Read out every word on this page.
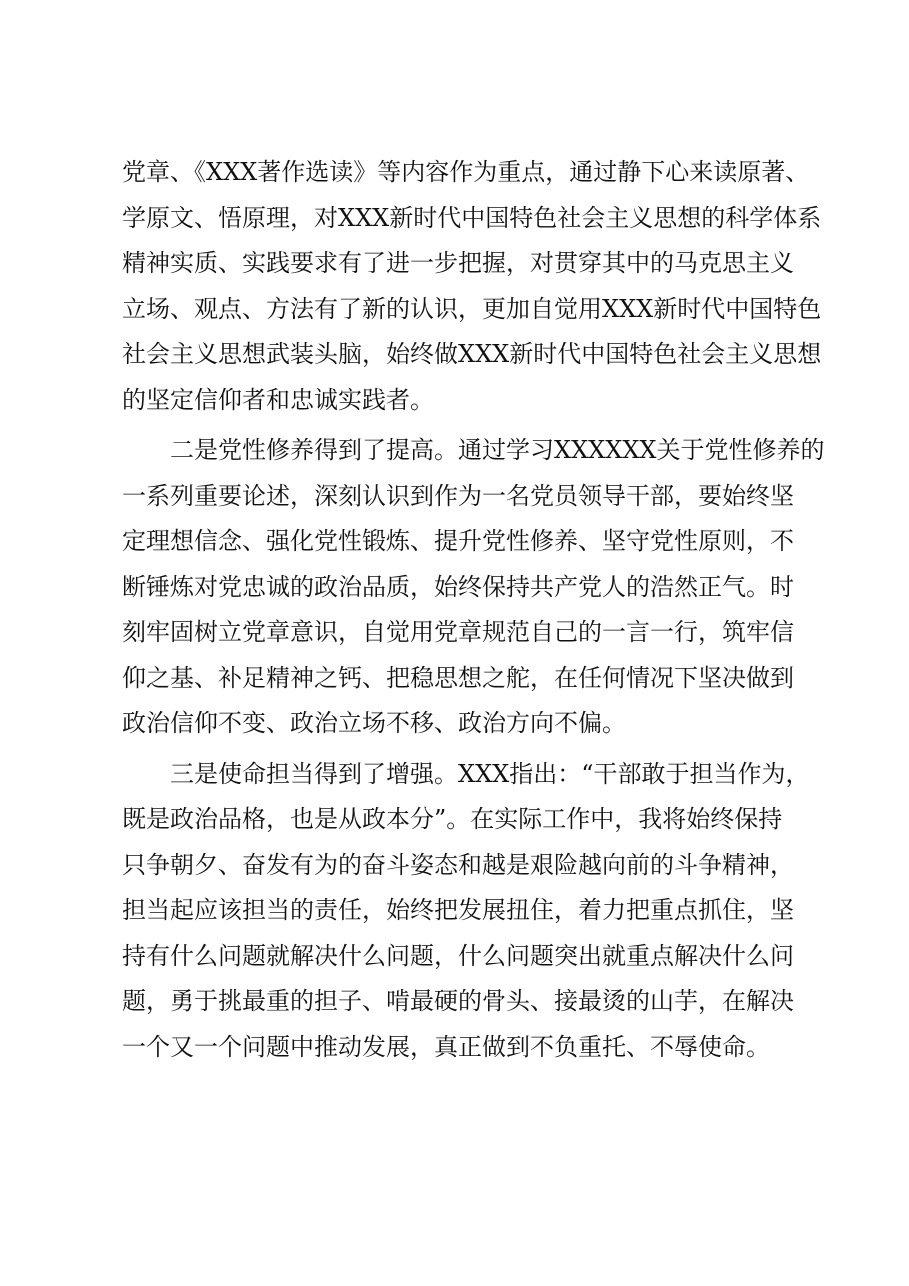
党章、《XXX著作选读》等内容作为重点，通过静下心来读原著、
学原文、悟原理，对XXX新时代中国特色社会主义思想的科学体系
精神实质、实践要求有了进一步把握，对贯穿其中的马克思主义
立场、观点、方法有了新的认识，更加自觉用XXX新时代中国特色
社会主义思想武装头脑，始终做XXX新时代中国特色社会主义思想
的坚定信仰者和忠诚实践者。
二是党性修养得到了提高。通过学习XXXXXX关于党性修养的
一系列重要论述，深刻认识到作为一名党员领导干部，要始终坚
定理想信念、强化党性锻炼、提升党性修养、坚守党性原则，不
断锤炼对党忠诚的政治品质，始终保持共产党人的浩然正气。时
刻牢固树立党章意识，自觉用党章规范自己的一言一行，筑牢信
仰之基、补足精神之钙、把稳思想之舵，在任何情况下坚决做到
政治信仰不变、政治立场不移、政治方向不偏。
三是使命担当得到了增强。XXX指出：“干部敢于担当作为，
既是政治品格，也是从政本分”。在实际工作中，我将始终保持
只争朝夕、奋发有为的奋斗姿态和越是艰险越向前的斗争精神，
担当起应该担当的责任，始终把发展扭住，着力把重点抓住，坚
持有什么问题就解决什么问题，什么问题突出就重点解决什么问
题，勇于挑最重的担子、啃最硬的骨头、接最烫的山芋，在解决
一个又一个问题中推动发展，真正做到不负重托、不辱使命。
